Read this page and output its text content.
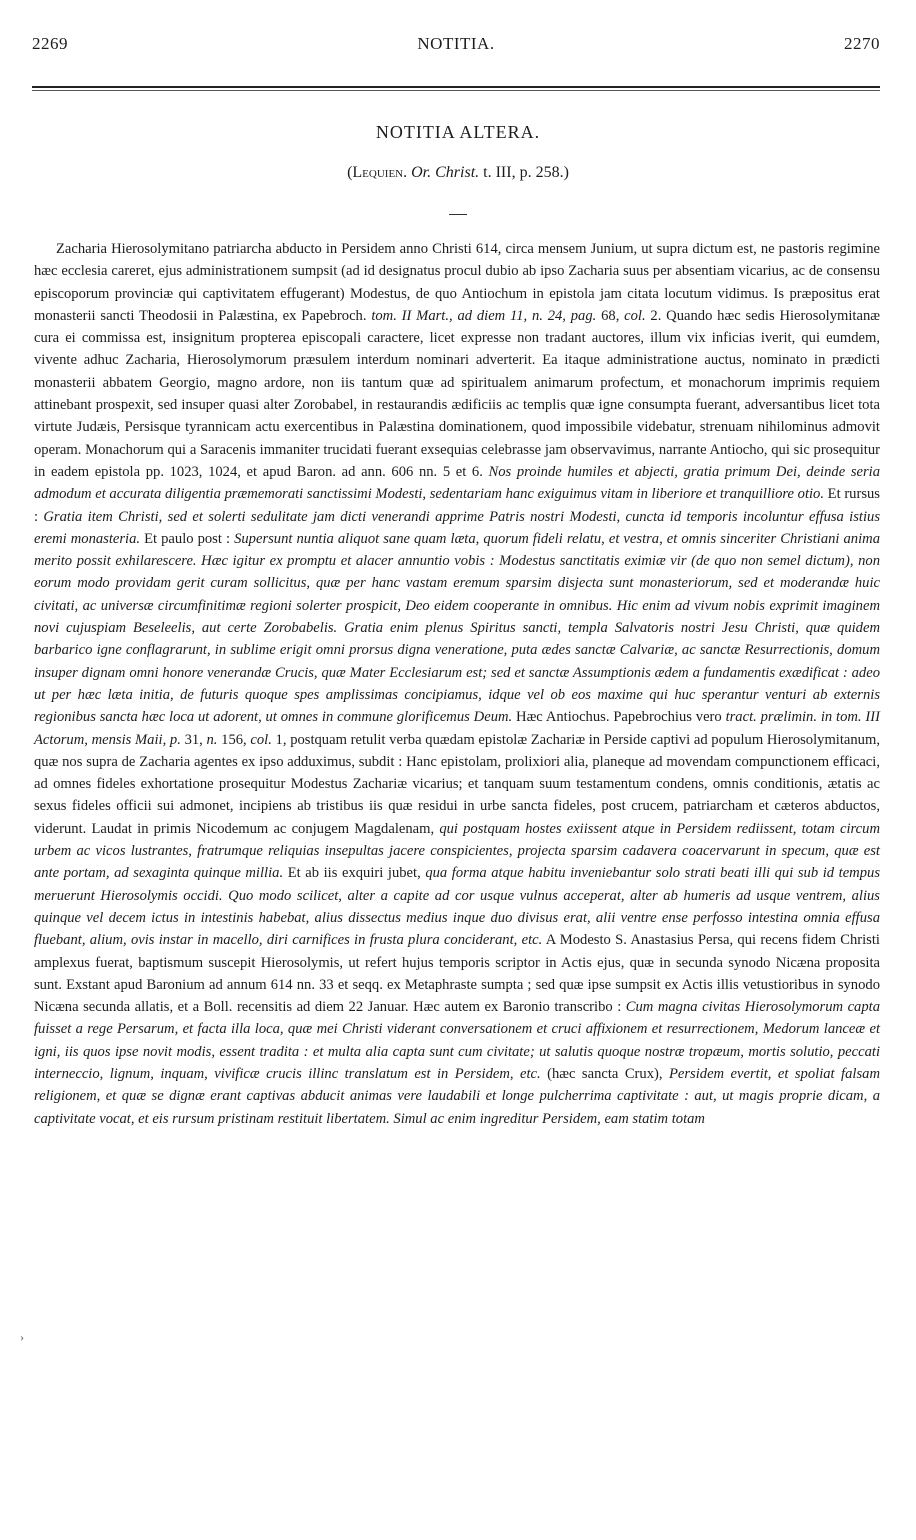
2269	NOTITIA.	2270
NOTITIA ALTERA.
(Lequien. Or. Christ. t. III, p. 258.)

Zacharia Hierosolymitano patriarcha abducto in Persidem anno Christi 614, circa mensem Junium, ut supra dictum est, ne pastoris regimine hæc ecclesia careret, ejus administrationem sumpsit (ad id designatus procul dubio ab ipso Zacharia suus per absentiam vicarius, ac de consensu episcoporum provinciæ qui captivitatem effugerant) Modestus, de quo Antiochum in epistola jam citata locutum vidimus. Is præpositus erat monasterii sancti Theodosii in Palæstina, ex Papebroch. tom. II Mart., ad diem 11, n. 24, pag. 68, col. 2. Quando hæc sedis Hierosolymitanæ cura ei commissa est, insignitum propterea episcopali caractere, licet expresse non tradant auctores, illum vix inficias iverit, qui eumdem, vivente adhuc Zacharia, Hierosolymorum præsulem interdum nominari adverterit. Ea itaque administratione auctus, nominato in prædicti monasterii abbatem Georgio, magno ardore, non iis tantum quæ ad spiritualem animarum profectum, et monachorum imprimis requiem attinebant prospexit, sed insuper quasi alter Zorobabel, in restaurandis ædificiis ac templis quæ igne consumpta fuerant, adversantibus licet tota virtute Judæis, Persisque tyrannicam actu exercentibus in Palæstina dominationem, quod impossibile videbatur, strenuam nihilominus admovit operam. Monachorum qui a Saracenis immaniter trucidati fuerant exsequias celebrasse jam observavimus, narrante Antiocho, qui sic prosequitur in eadem epistola pp. 1023, 1024, et apud Baron. ad ann. 606 nn. 5 et 6. Nos proinde humiles et abjecti, gratia primum Dei, deinde seria admodum et accurata diligentia præmemorati sanctissimi Modesti, sedentariam hanc exiguimus vitam in liberiore et tranquilliore otio. Et rursus : Gratia item Christi, sed et solerti sedulitate jam dicti venerandi apprime Patris nostri Modesti, cuncta id temporis incoluntur effusa istius eremi monasteria. Et paulo post : Supersunt nuntia aliquot sane quam læta, quorum fideli relatu, et vestra, et omnis sinceriter Christiani anima merito possit exhilarescere. Hæc igitur ex promptu et alacer annuntio vobis : Modestus sanctitatis eximiæ vir (de quo non semel dictum), non eorum modo providam gerit curam sollicitus, quæ per hanc vastam eremum sparsim disjecta sunt monasteriorum, sed et moderandæ huic civitati, ac universæ circumfinitimæ regioni solerter prospicit, Deo eidem cooperante in omnibus. Hic enim ad vivum nobis exprimit imaginem novi cujuspiam Beseleelis, aut certe Zorobabelis. Gratia enim plenus Spiritus sancti, templa Salvatoris nostri Jesu Christi, quæ quidem barbarico igne conflagrarunt, in sublime erigit omni prorsus digna veneratione, puta ædes sanctæ Calvariæ, ac sanctæ Resurrectionis, domum insuper dignam omni honore venerandæ Crucis, quæ Mater Ecclesiarum est; sed et sanctæ Assumptionis ædem a fundamentis exædificat : adeo ut per hæc læta initia, de futuris quoque spes amplissimas concipiamus, idque vel ob eos maxime qui huc sperantur venturi ab externis regionibus sancta hæc loca ut adorent, ut omnes in commune glorificemus Deum. Hæc Antiochus. Papebrochius vero tract. prælimin. in tom. III Actorum, mensis Maii, p. 31, n. 156, col. 1, postquam retulit verba quædam epistolæ Zachariæ in Perside captivi ad populum Hierosolymitanum, quæ nos supra de Zacharia agentes ex ipso adduximus, subdit : Hanc epistolam, prolixiori alia, planeque ad movendam compunctionem efficaci, ad omnes fideles exhortatione prosequitur Modestus Zachariæ vicarius; et tanquam suum testamentum condens, omnis conditionis, ætatis ac sexus fideles officii sui admonet, incipiens ab tristibus iis quæ residui in urbe sancta fideles, post crucem, patriarcham et cæteros abductos, viderunt. Laudat in primis Nicodemum ac conjugem Magdalenam, qui postquam hostes exiissent atque in Persidem rediissent, totam circum urbem ac vicos lustrantes, fratrumque reliquias insepultas jacere conspicientes, projecta sparsim cadavera coacervarunt in specum, quæ est ante portam, ad sexaginta quinque millia. Et ab iis exquiri jubet, qua forma atque habitu inveniebantur solo strati beati illi qui sub id tempus meruerunt Hierosolymis occidi. Quo modo scilicet, alter a capite ad cor usque vulnus acceperat, alter ab humeris ad usque ventrem, alius quinque vel decem ictus in intestinis habebat, alius dissectus medius inque duo divisus erat, alii ventre ense perfosso intestina omnia effusa fluebant, alium, ovis instar in macello, diri carnifices in frusta plura conciderant, etc. A Modesto S. Anastasius Persa, qui recens fidem Christi amplexus fuerat, baptismum suscepit Hierosolymis, ut refert hujus temporis scriptor in Actis ejus, quæ in secunda synodo Nicæna proposita sunt. Exstant apud Baronium ad annum 614 nn. 33 et seqq. ex Metaphraste sumpta ; sed quæ ipse sumpsit ex Actis illis vetustioribus in synodo Nicæna secunda allatis, et a Boll. recensitis ad diem 22 Januar. Hæc autem ex Baronio transcribo : Cum magna civitas Hierosolymorum capta fuisset a rege Persarum, et facta illa loca, quæ mei Christi viderant conversationem et cruci affixionem et resurrectionem, Medorum lanceæ et igni, iis quos ipse novit modis, essent tradita : et multa alia capta sunt cum civitate; ut salutis quoque nostræ tropæum, mortis solutio, peccati interneccio, lignum, inquam, vivificæ crucis illinc translatum est in Persidem, etc. (hæc sancta Crux), Persidem evertit, et spoliat falsam religionem, et quæ se dignæ erant captivas abducit animas vere laudabili et longe pulcherrima captivitate : aut, ut magis proprie dicam, a captivitate vocat, et eis rursum pristinam restituit libertatem. Simul ac enim ingreditur Persidem, eam statim totam

›
